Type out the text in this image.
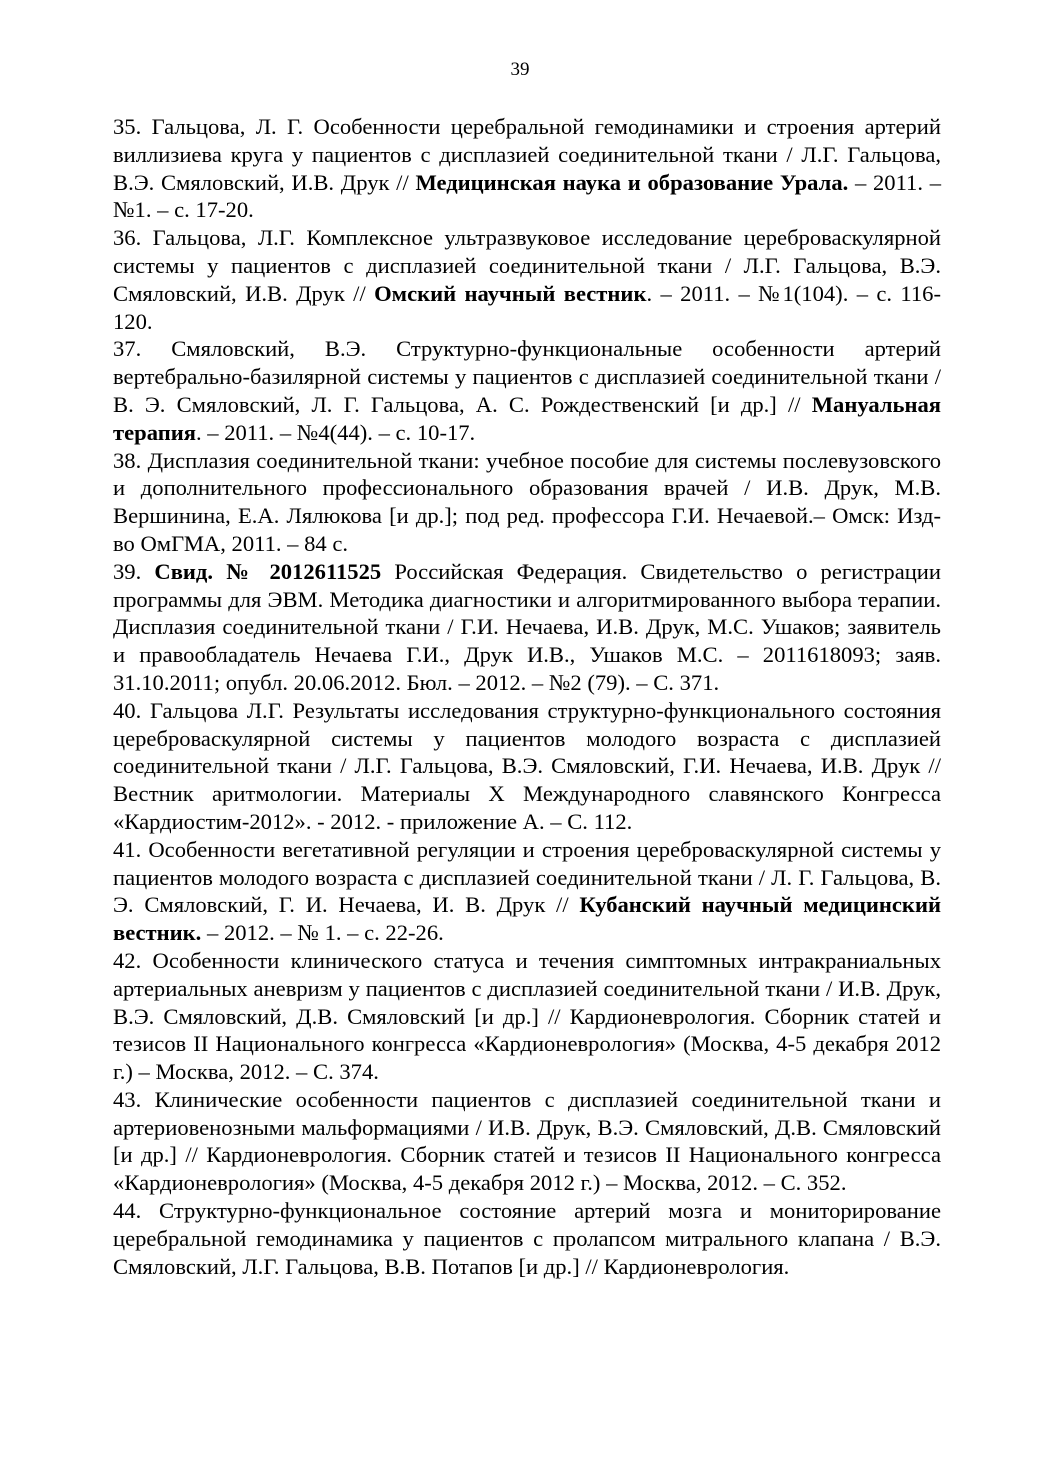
39

35. Гальцова, Л. Г. Особенности церебральной гемодинамики и строения артерий виллизиева круга у пациентов с дисплазией соединительной ткани / Л.Г. Гальцова, В.Э. Смяловский, И.В. Друк // Медицинская наука и образование Урала. – 2011. – №1. – с. 17-20.

36. Гальцова, Л.Г. Комплексное ультразвуковое исследование цереброваскулярной системы у пациентов с дисплазией соединительной ткани / Л.Г. Гальцова, В.Э. Смяловский, И.В. Друк // Омский научный вестник. – 2011. – №1(104). – с. 116-120.

37. Смяловский, В.Э. Структурно-функциональные особенности артерий вертебрально-базилярной системы у пациентов с дисплазией соединительной ткани / В. Э. Смяловский, Л. Г. Гальцова, А. С. Рождественский [и др.] // Мануальная терапия. – 2011. – №4(44). – с. 10-17.

38. Дисплазия соединительной ткани: учебное пособие для системы послевузовского и дополнительного профессионального образования врачей / И.В. Друк, М.В. Вершинина, Е.А. Лялюкова [и др.]; под ред. профессора Г.И. Нечаевой.– Омск: Изд-во ОмГМА, 2011. – 84 с.

39. Свид. № 2012611525 Российская Федерация. Свидетельство о регистрации программы для ЭВМ. Методика диагностики и алгоритмированного выбора терапии. Дисплазия соединительной ткани / Г.И. Нечаева, И.В. Друк, М.С. Ушаков; заявитель и правообладатель Нечаева Г.И., Друк И.В., Ушаков М.С. – 2011618093; заяв. 31.10.2011; опубл. 20.06.2012. Бюл. – 2012. – №2 (79). – С. 371.

40. Гальцова Л.Г. Результаты исследования структурно-функционального состояния цереброваскулярной системы у пациентов молодого возраста с дисплазией соединительной ткани / Л.Г. Гальцова, В.Э. Смяловский, Г.И. Нечаева, И.В. Друк // Вестник аритмологии. Материалы X Международного славянского Конгресса «Кардиостим-2012». - 2012. - приложение А. – С. 112.

41. Особенности вегетативной регуляции и строения цереброваскулярной системы у пациентов молодого возраста с дисплазией соединительной ткани / Л. Г. Гальцова, В. Э. Смяловский, Г. И. Нечаева, И. В. Друк // Кубанский научный медицинский вестник. – 2012. – № 1. – с. 22-26.

42. Особенности клинического статуса и течения симптомных интракраниальных артериальных аневризм у пациентов с дисплазией соединительной ткани / И.В. Друк, В.Э. Смяловский, Д.В. Смяловский [и др.] // Кардионеврология. Сборник статей и тезисов II Национального конгресса «Кардионеврология» (Москва, 4-5 декабря 2012 г.) – Москва, 2012. – С. 374.

43. Клинические особенности пациентов с дисплазией соединительной ткани и артериовенозными мальформациями / И.В. Друк, В.Э. Смяловский, Д.В. Смяловский [и др.] // Кардионеврология. Сборник статей и тезисов II Национального конгресса «Кардионеврология» (Москва, 4-5 декабря 2012 г.) – Москва, 2012. – С. 352.

44. Структурно-функциональное состояние артерий мозга и мониторирование церебральной гемодинамика у пациентов с пролапсом митрального клапана / В.Э. Смяловский, Л.Г. Гальцова, В.В. Потапов [и др.] // Кардионеврология.
